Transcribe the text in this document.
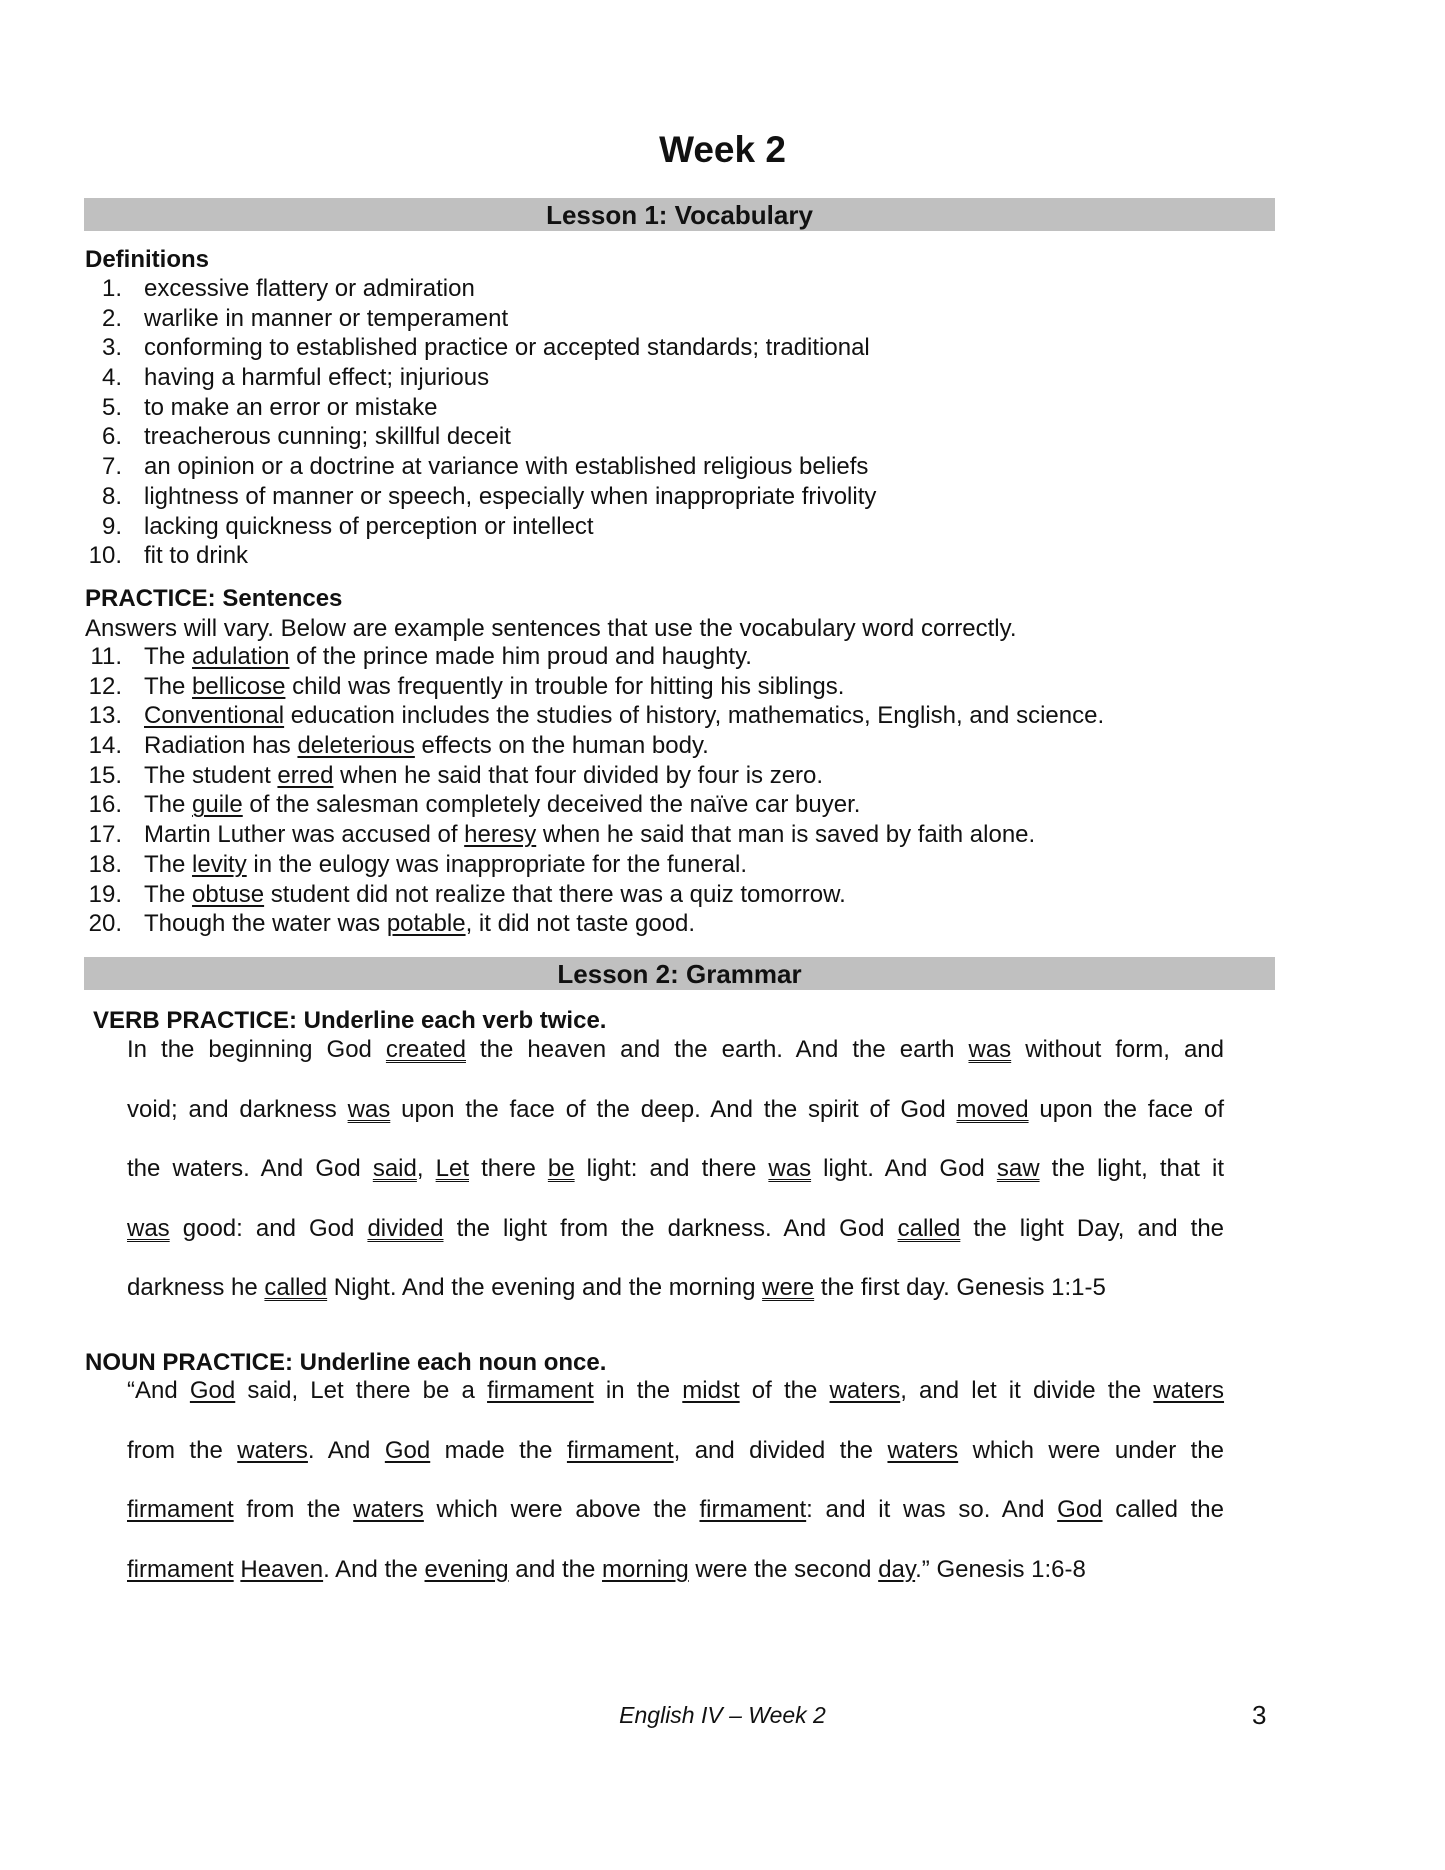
Week 2
Lesson 1: Vocabulary
Definitions
1. excessive flattery or admiration
2. warlike in manner or temperament
3. conforming to established practice or accepted standards; traditional
4. having a harmful effect; injurious
5. to make an error or mistake
6. treacherous cunning; skillful deceit
7. an opinion or a doctrine at variance with established religious beliefs
8. lightness of manner or speech, especially when inappropriate frivolity
9. lacking quickness of perception or intellect
10. fit to drink
PRACTICE: Sentences
Answers will vary. Below are example sentences that use the vocabulary word correctly.
11. The adulation of the prince made him proud and haughty.
12. The bellicose child was frequently in trouble for hitting his siblings.
13. Conventional education includes the studies of history, mathematics, English, and science.
14. Radiation has deleterious effects on the human body.
15. The student erred when he said that four divided by four is zero.
16. The guile of the salesman completely deceived the naïve car buyer.
17. Martin Luther was accused of heresy when he said that man is saved by faith alone.
18. The levity in the eulogy was inappropriate for the funeral.
19. The obtuse student did not realize that there was a quiz tomorrow.
20. Though the water was potable, it did not taste good.
Lesson 2: Grammar
VERB PRACTICE: Underline each verb twice.
In the beginning God created the heaven and the earth. And the earth was without form, and
void; and darkness was upon the face of the deep. And the spirit of God moved upon the face of
the waters. And God said, Let there be light: and there was light. And God saw the light, that it
was good: and God divided the light from the darkness. And God called the light Day, and the
darkness he called Night. And the evening and the morning were the first day. Genesis 1:1-5
NOUN PRACTICE: Underline each noun once.
“And God said, Let there be a firmament in the midst of the waters, and let it divide the waters
from the waters. And God made the firmament, and divided the waters which were under the
firmament from the waters which were above the firmament: and it was so. And God called the
firmament Heaven. And the evening and the morning were the second day.” Genesis 1:6-8
English IV – Week 2	3
